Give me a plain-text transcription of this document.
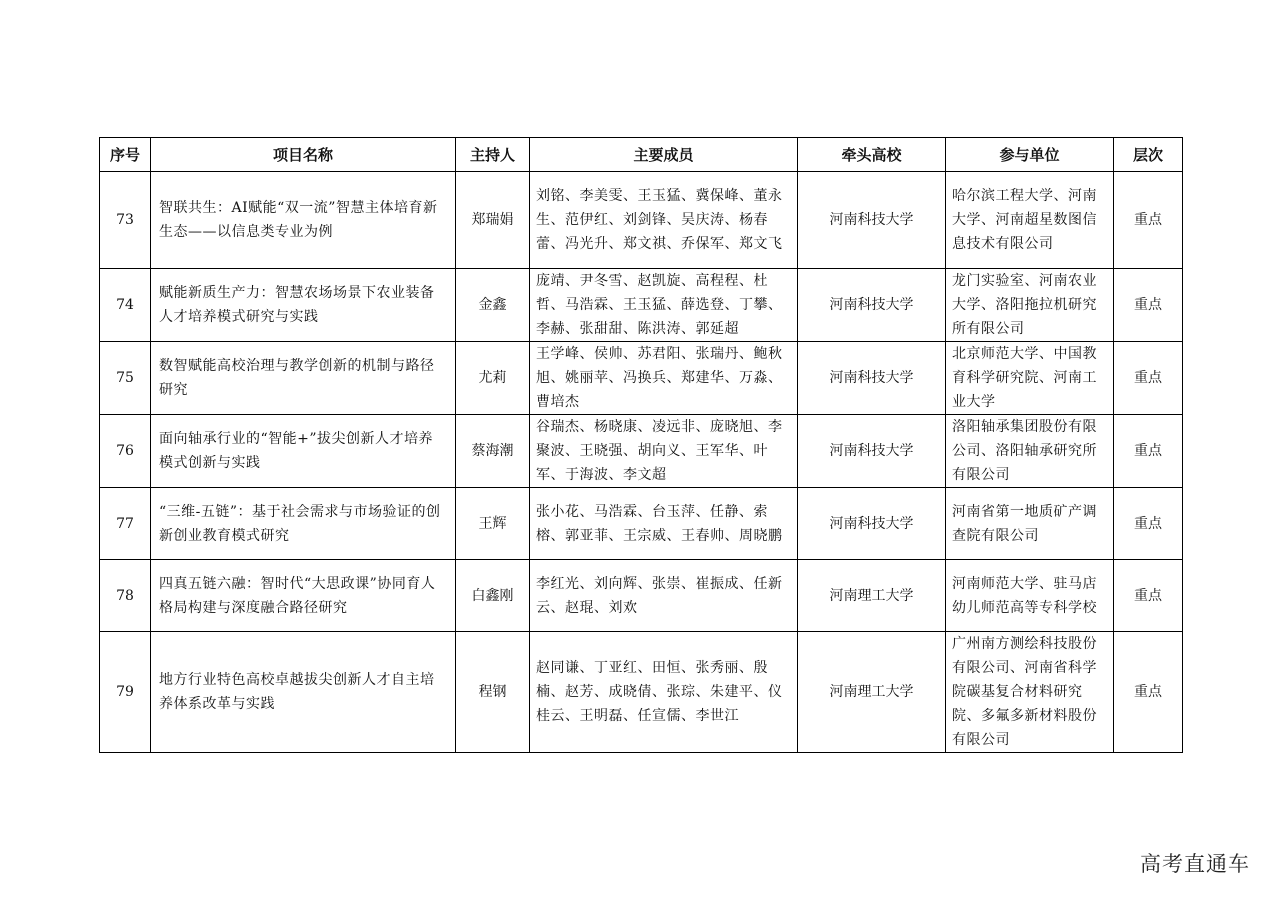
序号	项目名称	主持人	主要成员	牵头高校	参与单位	层次
73	智联共生：AI赋能“双一流”智慧主体培育新生态——以信息类专业为例	郑瑞娟	刘铭、李美雯、王玉猛、冀保峰、董永生、范伊红、刘剑锋、吴庆涛、杨春蕾、冯光升、郑文祺、乔保军、郑文飞	河南科技大学	哈尔滨工程大学、河南大学、河南超星数图信息技术有限公司	重点
74	赋能新质生产力：智慧农场场景下农业装备人才培养模式研究与实践	金鑫	庞靖、尹冬雪、赵凯旋、高程程、杜哲、马浩霖、王玉猛、薛选登、丁攀、李赫、张甜甜、陈洪涛、郭延超	河南科技大学	龙门实验室、河南农业大学、洛阳拖拉机研究所有限公司	重点
75	数智赋能高校治理与教学创新的机制与路径研究	尤莉	王学峰、侯帅、苏君阳、张瑞丹、鲍秋旭、姚丽苹、冯换兵、郑建华、万淼、曹培杰	河南科技大学	北京师范大学、中国教育科学研究院、河南工业大学	重点
76	面向轴承行业的“智能+”拔尖创新人才培养模式创新与实践	蔡海潮	谷瑞杰、杨晓康、凌远非、庞晓旭、李聚波、王晓强、胡向义、王军华、叶军、于海波、李文超	河南科技大学	洛阳轴承集团股份有限公司、洛阳轴承研究所有限公司	重点
77	“三维-五链”：基于社会需求与市场验证的创新创业教育模式研究	王辉	张小花、马浩霖、台玉萍、任静、索榕、郭亚菲、王宗威、王春帅、周晓鹏	河南科技大学	河南省第一地质矿产调查院有限公司	重点
78	四真五链六融：智时代“大思政课”协同育人格局构建与深度融合路径研究	白鑫刚	李红光、刘向辉、张崇、崔振成、任新云、赵琨、刘欢	河南理工大学	河南师范大学、驻马店幼儿师范高等专科学校	重点
79	地方行业特色高校卓越拔尖创新人才自主培养体系改革与实践	程钢	赵同谦、丁亚红、田恒、张秀丽、殷楠、赵芳、成晓倩、张琮、朱建平、仪桂云、王明磊、任宣儒、李世江	河南理工大学	广州南方测绘科技股份有限公司、河南省科学院碳基复合材料研究院、多氟多新材料股份有限公司	重点
高考直通车
